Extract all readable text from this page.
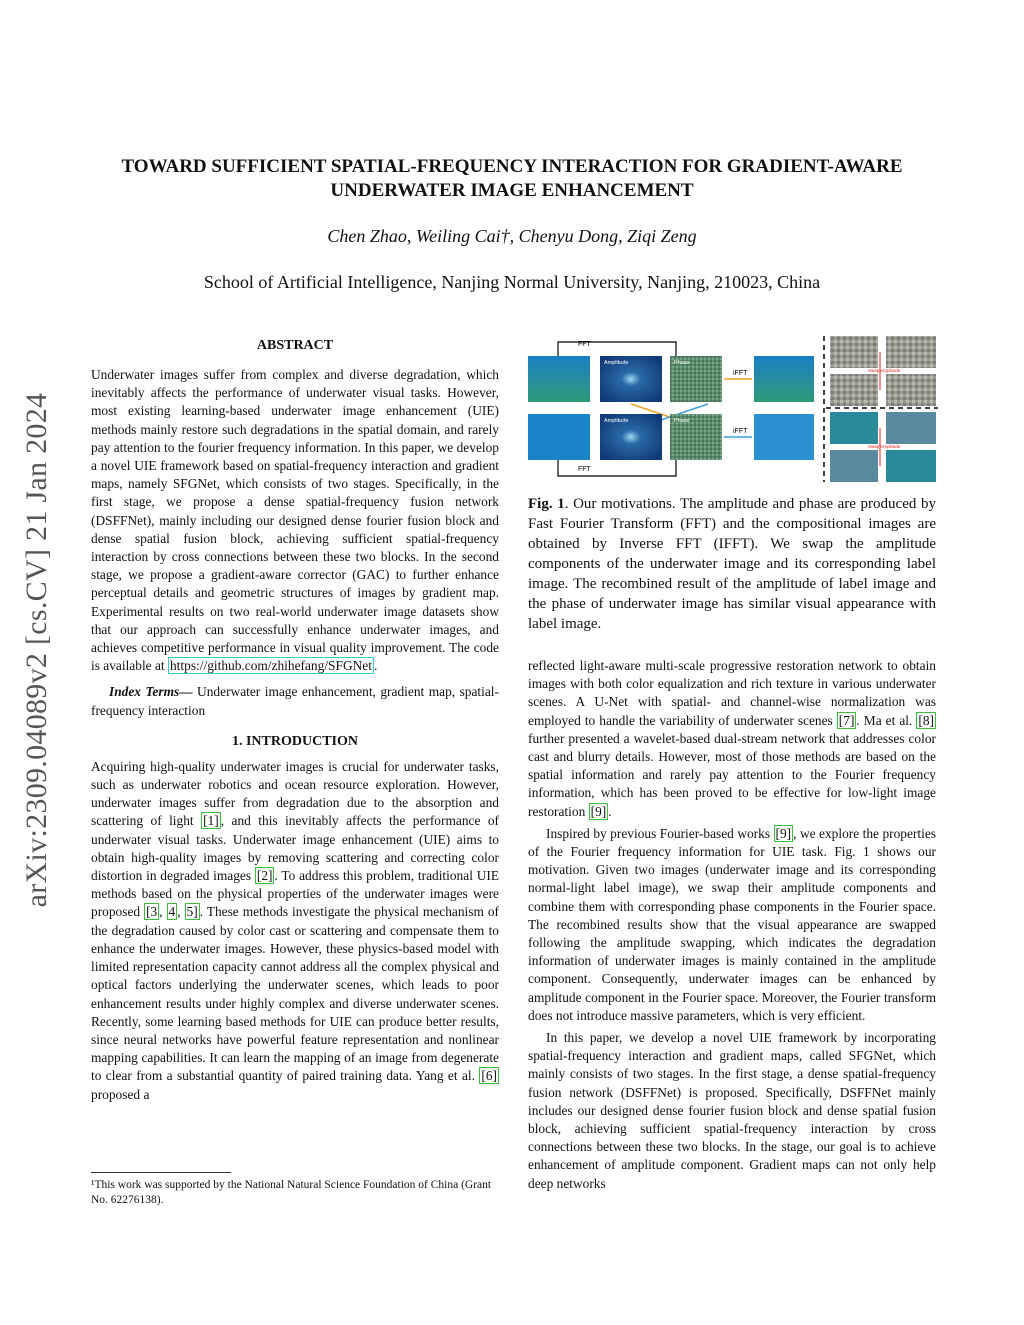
arXiv:2309.04089v2 [cs.CV] 21 Jan 2024
TOWARD SUFFICIENT SPATIAL-FREQUENCY INTERACTION FOR GRADIENT-AWARE
UNDERWATER IMAGE ENHANCEMENT
Chen Zhao, Weiling Cai†, Chenyu Dong, Ziqi Zeng
School of Artificial Intelligence, Nanjing Normal University, Nanjing, 210023, China
ABSTRACT
Underwater images suffer from complex and diverse degradation, which inevitably affects the performance of underwater visual tasks. However, most existing learning-based underwater image enhancement (UIE) methods mainly restore such degradations in the spatial domain, and rarely pay attention to the fourier frequency information. In this paper, we develop a novel UIE framework based on spatial-frequency interaction and gradient maps, namely SFGNet, which consists of two stages. Specifically, in the first stage, we propose a dense spatial-frequency fusion network (DSFFNet), mainly including our designed dense fourier fusion block and dense spatial fusion block, achieving sufficient spatial-frequency interaction by cross connections between these two blocks. In the second stage, we propose a gradient-aware corrector (GAC) to further enhance perceptual details and geometric structures of images by gradient map. Experimental results on two real-world underwater image datasets show that our approach can successfully enhance underwater images, and achieves competitive performance in visual quality improvement. The code is available at https://github.com/zhihefang/SFGNet .
Index Terms— Underwater image enhancement, gradient map, spatial-frequency interaction
1. INTRODUCTION
Acquiring high-quality underwater images is crucial for underwater tasks, such as underwater robotics and ocean resource exploration. However, underwater images suffer from degradation due to the absorption and scattering of light [1] , and this inevitably affects the performance of underwater visual tasks. Underwater image enhancement (UIE) aims to obtain high-quality images by removing scattering and correcting color distortion in degraded images [2] . To address this problem, traditional UIE methods based on the physical properties of the underwater images were proposed [3 , 4 , 5] . These methods investigate the physical mechanism of the degradation caused by color cast or scattering and compensate them to enhance the underwater images. However, these physics-based model with limited representation capacity cannot address all the complex physical and optical factors underlying the underwater scenes, which leads to poor enhancement results under highly complex and diverse underwater scenes. Recently, some learning based methods for UIE can produce better results, since neural networks have powerful feature representation and nonlinear mapping capabilities. It can learn the mapping of an image from degenerate to clear from a substantial quantity of paired training data. Yang et al. [6] proposed a
¹This work was supported by the National Natural Science Foundation of China (Grant No. 62276138).
FFT
Amplitude	Phase
iFFT
Amplitude	Phase
iFFT
FFT
Swap Amplitude
Swap Amplitude
Fig. 1. Our motivations. The amplitude and phase are produced by Fast Fourier Transform (FFT) and the compositional images are obtained by Inverse FFT (IFFT). We swap the amplitude components of the underwater image and its corresponding label image. The recombined result of the amplitude of label image and the phase of underwater image has similar visual appearance with label image.

reflected light-aware multi-scale progressive restoration network to obtain images with both color equalization and rich texture in various underwater scenes. A U-Net with spatial- and channel-wise normalization was employed to handle the variability of underwater scenes [7] . Ma et al. [8] further presented a wavelet-based dual-stream network that addresses color cast and blurry details. However, most of those methods are based on the spatial information and rarely pay attention to the Fourier frequency information, which has been proved to be effective for low-light image restoration [9] .

Inspired by previous Fourier-based works [9] , we explore the properties of the Fourier frequency information for UIE task. Fig. 1 shows our motivation. Given two images (underwater image and its corresponding normal-light label image), we swap their amplitude components and combine them with corresponding phase components in the Fourier space. The recombined results show that the visual appearance are swapped following the amplitude swapping, which indicates the degradation information of underwater images is mainly contained in the amplitude component. Consequently, underwater images can be enhanced by amplitude component in the Fourier space. Moreover, the Fourier transform does not introduce massive parameters, which is very efficient.

In this paper, we develop a novel UIE framework by incorporating spatial-frequency interaction and gradient maps, called SFGNet, which mainly consists of two stages. In the first stage, a dense spatial-frequency fusion network (DSFFNet) is proposed. Specifically, DSFFNet mainly includes our designed dense fourier fusion block and dense spatial fusion block, achieving sufficient spatial-frequency interaction by cross connections between these two blocks. In the stage, our goal is to achieve enhancement of amplitude component. Gradient maps can not only help deep networks
